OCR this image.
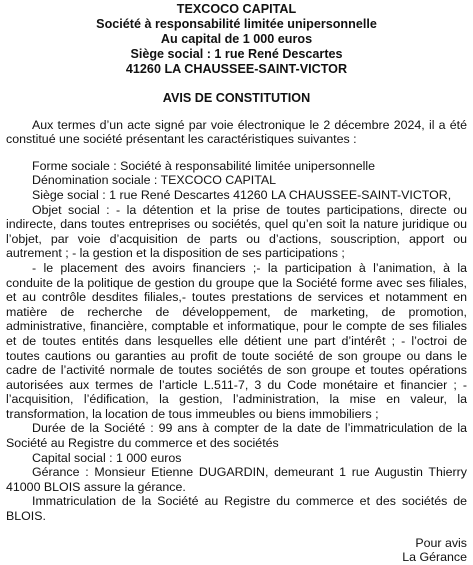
TEXCOCO CAPITAL
Société à responsabilité limitée unipersonnelle
Au capital de 1 000 euros
Siège social : 1 rue René Descartes
41260 LA CHAUSSEE-SAINT-VICTOR
AVIS DE CONSTITUTION

Aux termes d’un acte signé par voie électronique le 2 décembre 2024, il a été constitué une société présentant les caractéristiques suivantes :

Forme sociale : Société à responsabilité limitée unipersonnelle

Dénomination sociale : TEXCOCO CAPITAL

Siège social : 1 rue René Descartes 41260 LA CHAUSSEE-SAINT-VICTOR,

Objet social : - la détention et la prise de toutes participations, directe ou indirecte, dans toutes entreprises ou sociétés, quel qu’en soit la nature juridique ou l’objet, par voie d’acquisition de parts ou d’actions, souscription, apport ou autrement ; - la gestion et la disposition de ses participations ;

- le placement des avoirs financiers ;- la participation à l’animation, à la conduite de la politique de gestion du groupe que la Société forme avec ses filiales, et au contrôle desdites filiales,- toutes prestations de services et notamment en matière de recherche de développement, de marketing, de promotion, administrative, financière, comptable et informatique, pour le compte de ses filiales et de toutes entités dans lesquelles elle détient une part d’intérêt ; - l’octroi de toutes cautions ou garanties au profit de toute société de son groupe ou dans le cadre de l’activité normale de toutes sociétés de son groupe et toutes opérations autorisées aux termes de l’article L.511-7, 3 du Code monétaire et financier ; - l’acquisition, l’édification, la gestion, l’administration, la mise en valeur, la transformation, la location de tous immeubles ou biens immobiliers ;

Durée de la Société : 99 ans à compter de la date de l’immatriculation de la Société au Registre du commerce et des sociétés

Capital social : 1 000 euros

Gérance : Monsieur Etienne DUGARDIN, demeurant 1 rue Augustin Thierry 41000 BLOIS assure la gérance.

Immatriculation de la Société au Registre du commerce et des sociétés de BLOIS.

Pour avis
La Gérance
